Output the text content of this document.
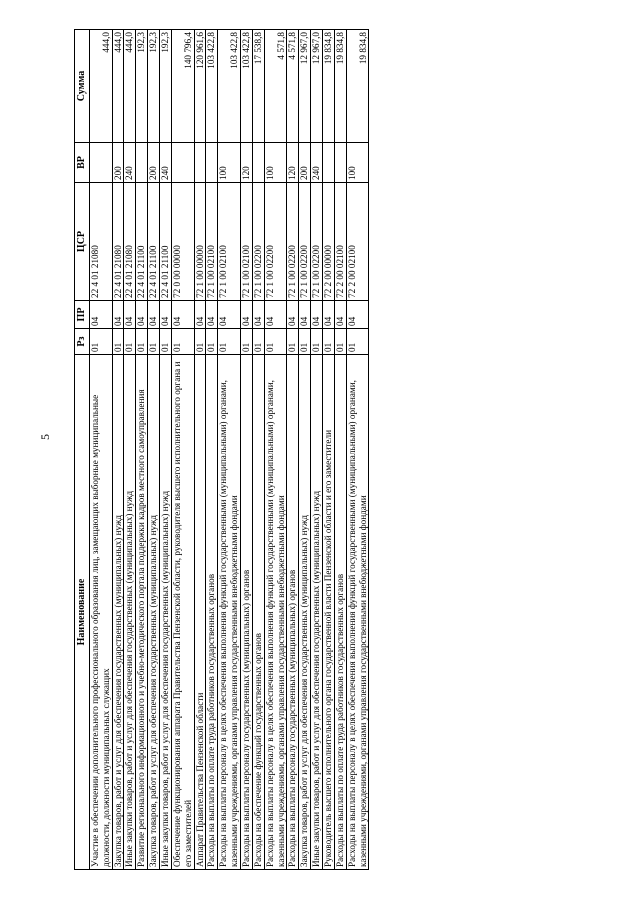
5
Наименование	Рз	ПР	ЦСР	ВР	Сумма
Участие в обеспечении дополнительного профессионального образования лиц, замещающих выборные муниципальные должности, должности муниципальных служащих	01	04	22 4 01 21080		444,0
Закупка товаров, работ и услуг для обеспечения государственных (муниципальных) нужд	01	04	22 4 01 21080	200	444,0
Иные закупки товаров, работ и услуг для обеспечения государственных (муниципальных) нужд	01	04	22 4 01 21080	240	444,0
Развитие регионального информационного и учебно-методического портала поддержки кадров местного самоуправления	01	04	22 4 01 21100		192,3
Закупка товаров, работ и услуг для обеспечения государственных (муниципальных) нужд	01	04	22 4 01 21100	200	192,3
Иные закупки товаров, работ и услуг для обеспечения государственных (муниципальных) нужд	01	04	22 4 01 21100	240	192,3
Обеспечение функционирования аппарата Правительства Пензенской области, руководителя высшего исполнительного органа и его заместителей	01	04	72 0 00 00000		140 796,4
Аппарат Правительства Пензенской области	01	04	72 1 00 00000		120 961,6
Расходы на выплаты по оплате труда работников государственных органов	01	04	72 1 00 02100		103 422,8
Расходы на выплаты персоналу в целях обеспечения выполнения функций государственными (муниципальными) органами, казенными учреждениями, органами управления государственными внебюджетными фондами	01	04	72 1 00 02100	100	103 422,8
Расходы на выплаты персоналу государственных (муниципальных) органов	01	04	72 1 00 02100	120	103 422,8
Расходы на обеспечение функций государственных органов	01	04	72 1 00 02200		17 538,8
Расходы на выплаты персоналу в целях обеспечения выполнения функций государственными (муниципальными) органами, казенными учреждениями, органами управления государственными внебюджетными фондами	01	04	72 1 00 02200	100	4 571,8
Расходы на выплаты персоналу государственных (муниципальных) органов	01	04	72 1 00 02200	120	4 571,8
Закупка товаров, работ и услуг для обеспечения государственных (муниципальных) нужд	01	04	72 1 00 02200	200	12 967,0
Иные закупки товаров, работ и услуг для обеспечения государственных (муниципальных) нужд	01	04	72 1 00 02200	240	12 967,0
Руководитель высшего исполнительного органа государственной власти Пензенской области и его заместители	01	04	72 2 00 00000		19 834,8
Расходы на выплаты по оплате труда работников государственных органов	01	04	72 2 00 02100		19 834,8
Расходы на выплаты персоналу в целях обеспечения выполнения функций государственными (муниципальными) органами, казенными учреждениями, органами управления государственными внебюджетными фондами	01	04	72 2 00 02100	100	19 834,8
